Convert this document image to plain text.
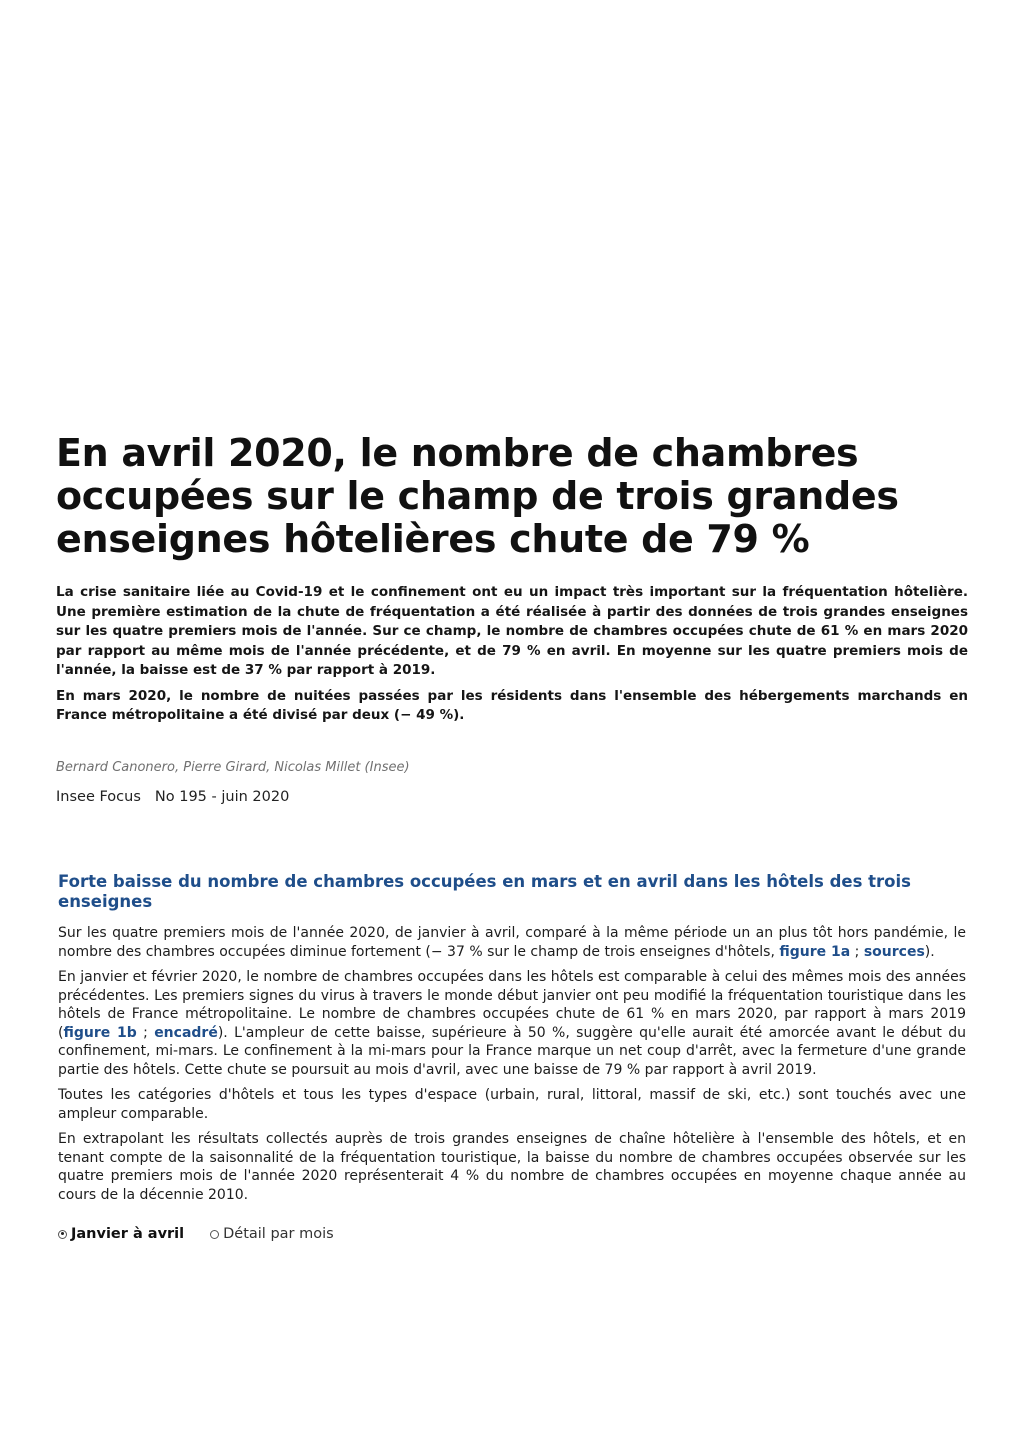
En avril 2020, le nombre de chambres occupées sur le champ de trois grandes enseignes hôtelières chute de 79 %

La crise sanitaire liée au Covid-19 et le confinement ont eu un impact très important sur la fréquentation hôtelière. Une première estimation de la chute de fréquentation a été réalisée à partir des données de trois grandes enseignes sur les quatre premiers mois de l'année. Sur ce champ, le nombre de chambres occupées chute de 61 % en mars 2020 par rapport au même mois de l'année précédente, et de 79 % en avril. En moyenne sur les quatre premiers mois de l'année, la baisse est de 37 % par rapport à 2019.

En mars 2020, le nombre de nuitées passées par les résidents dans l'ensemble des hébergements marchands en France métropolitaine a été divisé par deux (− 49 %).

Bernard Canonero, Pierre Girard, Nicolas Millet (Insee)
Insee Focus No 195 - juin 2020
Forte baisse du nombre de chambres occupées en mars et en avril dans les hôtels des trois enseignes

Sur les quatre premiers mois de l'année 2020, de janvier à avril, comparé à la même période un an plus tôt hors pandémie, le nombre des chambres occupées diminue fortement (− 37 % sur le champ de trois enseignes d'hôtels, figure 1a ; sources).

En janvier et février 2020, le nombre de chambres occupées dans les hôtels est comparable à celui des mêmes mois des années précédentes. Les premiers signes du virus à travers le monde début janvier ont peu modifié la fréquentation touristique dans les hôtels de France métropolitaine. Le nombre de chambres occupées chute de 61 % en mars 2020, par rapport à mars 2019 (figure 1b ; encadré). L'ampleur de cette baisse, supérieure à 50 %, suggère qu'elle aurait été amorcée avant le début du confinement, mi-mars. Le confinement à la mi-mars pour la France marque un net coup d'arrêt, avec la fermeture d'une grande partie des hôtels. Cette chute se poursuit au mois d'avril, avec une baisse de 79 % par rapport à avril 2019.

Toutes les catégories d'hôtels et tous les types d'espace (urbain, rural, littoral, massif de ski, etc.) sont touchés avec une ampleur comparable.

En extrapolant les résultats collectés auprès de trois grandes enseignes de chaîne hôtelière à l'ensemble des hôtels, et en tenant compte de la saisonnalité de la fréquentation touristique, la baisse du nombre de chambres occupées observée sur les quatre premiers mois de l'année 2020 représenterait 4 % du nombre de chambres occupées en moyenne chaque année au cours de la décennie 2010.

Janvier à avril	Détail par mois
